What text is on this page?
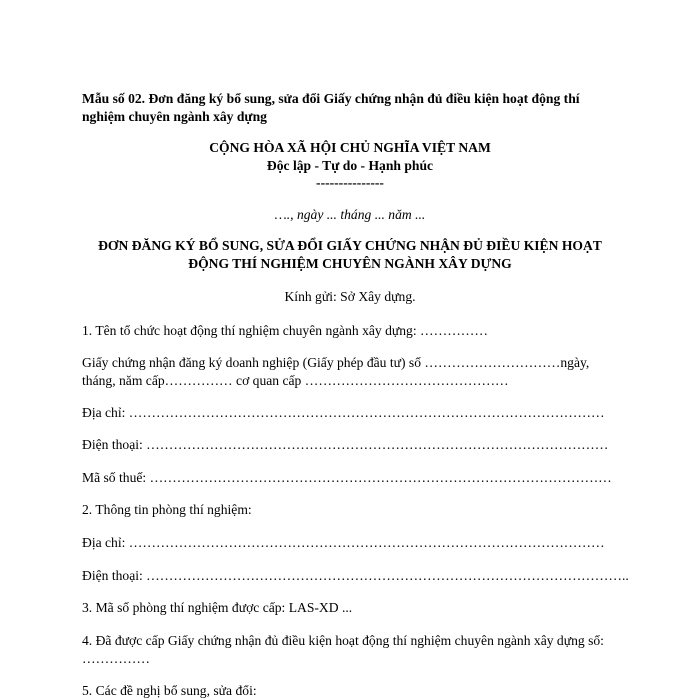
Mẫu số 02. Đơn đăng ký bổ sung, sửa đổi Giấy chứng nhận đủ điều kiện hoạt động thí
nghiệm chuyên ngành xây dựng
CỘNG HÒA XÃ HỘI CHỦ NGHĨA VIỆT NAM
Độc lập - Tự do - Hạnh phúc
---------------
…., ngày ... tháng ... năm ...
ĐƠN ĐĂNG KÝ BỔ SUNG, SỬA ĐỔI GIẤY CHỨNG NHẬN ĐỦ ĐIỀU KIỆN HOẠT
ĐỘNG THÍ NGHIỆM CHUYÊN NGÀNH XÂY DỰNG
Kính gửi: Sở Xây dựng.
1. Tên tổ chức hoạt động thí nghiệm chuyên ngành xây dựng: ……………
Giấy chứng nhận đăng ký doanh nghiệp (Giấy phép đầu tư) số …………………………ngày,
tháng, năm cấp…………… cơ quan cấp ………………………………………
Địa chỉ: ……………………………………………………………………………………………
Điện thoại: …………………………………………………………………………………………
Mã số thuế: …………………………………………………………………………………………
2. Thông tin phòng thí nghiệm:
Địa chỉ: ……………………………………………………………………………………………
Điện thoại: ……………………………………………………………………………………………..
3. Mã số phòng thí nghiệm được cấp: LAS-XD ...
4. Đã được cấp Giấy chứng nhận đủ điều kiện hoạt động thí nghiệm chuyên ngành xây dựng số:
……………
5. Các đề nghị bổ sung, sửa đổi:
